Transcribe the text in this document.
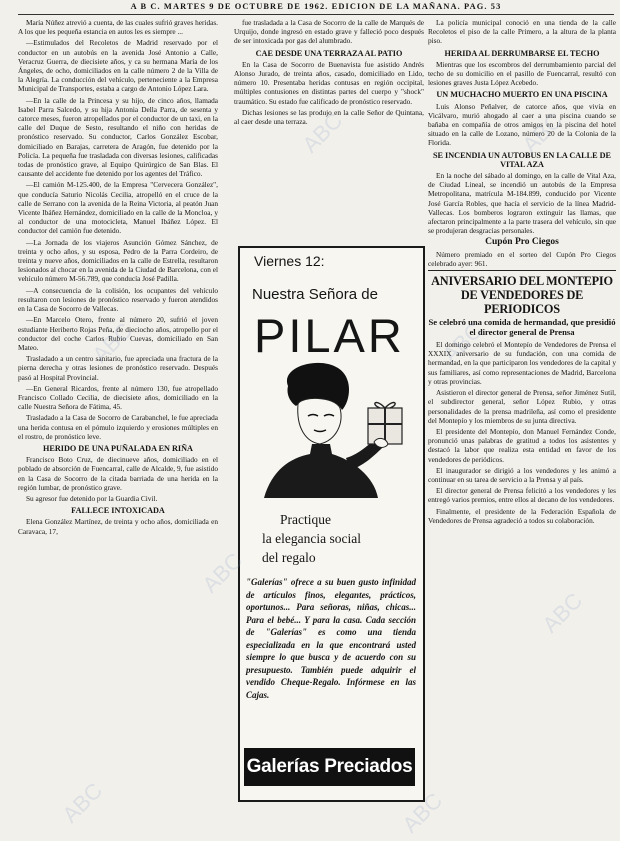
A B C. MARTES 9 DE OCTUBRE DE 1962. EDICION DE LA MAÑANA. PAG. 53

María Núñez atrevió a cuenta, de las cuales sufrió graves heridas. A los que les pequeña estancia en autos les es siempre ...

—Estimulados del Recoletos de Madrid reservado por el conductor en un autobús en la avenida José Antonio a Calle, Veracruz Guerra, de diecisiete años, y ca su hermana María de los Ángeles, de ocho, domiciliados en la calle número 2 de la Villa de la Alegría. La conducción del vehículo, perteneciente a la Empresa Municipal de Transportes, estaba a cargo de Antonio López Lara.

—En la calle de la Princesa y su hijo, de cinco años, llamada Isabel Parra Salcedo, y su hija Antonia Della Parra, de sesenta y catorce meses, fueron atropellados por el conductor de un taxi, en la calle del Duque de Sesto, resultando el niño con heridas de pronóstico reservado. Su conductor, Carlos González Escobar, domiciliado en Barajas, carretera de Aragón, fue detenido por la Policía. La pequeña fue trasladada con diversas lesiones, calificadas todas de pronóstico grave, al Equipo Quirúrgico de San Blas. El causante del accidente fue detenido por los agentes del Tráfico.

—El camión M-125.400, de la Empresa "Cervecera González", que conducía Saturio Nicolás Cecilia, atropelló en el cruce de la calle de Serrano con la avenida de la Reina Victoria, al peatón Juan Vicente Ibáñez Hernández, domiciliado en la calle de la Moncloa, y al conductor de una motocicleta, Manuel Ibáñez López. El conductor del camión fue detenido.

—La Jornada de los viajeros Asunción Gómez Sánchez, de treinta y ocho años, y su esposa, Pedro de la Parra Cordeiro, de treinta y nueve años, domiciliados en la calle de Estrella, resultaron lesionados al chocar en la avenida de la Ciudad de Barcelona, con el vehículo número M-56.789, que conducía José Padilla.

—A consecuencia de la colisión, los ocupantes del vehículo resultaron con lesiones de pronóstico reservado y fueron atendidos en la Casa de Socorro de Vallecas.

—En Marcelo Otero, frente al número 20, sufrió el joven estudiante Heriberto Rojas Peña, de dieciocho años, atropello por el conductor del coche Carlos Rubio Cuevas, domiciliado en San Mateo.

Trasladado a un centro sanitario, fue apreciada una fractura de la pierna derecha y otras lesiones de pronóstico reservado. Después pasó al Hospital Provincial.

—En General Ricardos, frente al número 130, fue atropellado Francisco Collado Cecilia, de diecisiete años, domiciliado en la calle Nuestra Señora de Fátima, 45.

Trasladado a la Casa de Socorro de Carabanchel, le fue apreciada una herida contusa en el pómulo izquierdo y erosiones múltiples en el rostro, de pronóstico leve.

HERIDO DE UNA PUÑALADA EN RIÑA

Francisco Boto Cruz, de diecinueve años, domiciliado en el poblado de absorción de Fuencarral, calle de Alcalde, 9, fue asistido en la Casa de Socorro de la citada barriada de una herida en la región lumbar, de pronóstico grave.

Su agresor fue detenido por la Guardia Civil.

FALLECE INTOXICADA

Elena González Martínez, de treinta y ocho años, domiciliada en Caravaca, 17,

fue trasladada a la Casa de Socorro de la calle de Marqués de Urquijo, donde ingresó en estado grave y falleció poco después de ser intoxicada por gas del alumbrado.

CAE DESDE UNA TERRAZA AL PATIO

En la Casa de Socorro de Buenavista fue asistido Andrés Alonso Jurado, de treinta años, casado, domiciliado en Lido, número 10. Presentaba heridas contusas en región occipital, múltiples contusiones en distintas partes del cuerpo y "shock" traumático. Su estado fue calificado de pronóstico reservado.

Dichas lesiones se las produjo en la calle Señor de Quintana, al caer desde una terraza.

Viernes 12:
Nuestra Señora de
PILAR
Practique
la elegancia social
del regalo
"Galerías" ofrece a su buen gusto infinidad de artículos finos, elegantes, prácticos, oportunos... Para señoras, niñas, chicas... Para el bebé... Y para la casa. Cada sección de "Galerías" es como una tienda especializada en la que encontrará usted siempre lo que busca y de acuerdo con su presupuesto. También puede adquirir el vendido Cheque-Regalo. Infórmese en las Cajas.
Galerías Preciados

La policía municipal conoció en una tienda de la calle Recoletos el piso de la calle Primero, a la altura de la planta piso.

HERIDA AL DERRUMBARSE EL TECHO

Mientras que los escombros del derrumbamiento parcial del techo de su domicilio en el pasillo de Fuencarral, resultó con lesiones graves Justa López Acebedo.

UN MUCHACHO MUERTO EN UNA PISCINA

Luis Alonso Peñalver, de catorce años, que vivía en Vicálvaro, murió ahogado al caer a una piscina cuando se bañaba en compañía de otros amigos en la piscina del hotel situado en la calle de Lozano, número 20 de la Colonia de la Florida.

SE INCENDIA UN AUTOBUS EN LA CALLE DE VITAL AZA

En la noche del sábado al domingo, en la calle de Vital Aza, de Ciudad Lineal, se incendió un autobús de la Empresa Metropolitana, matrícula M-184.899, conducido por Vicente José García Robles, que hacía el servicio de la línea Madrid-Vallecas. Los bomberos lograron extinguir las llamas, que afectaron principalmente a la parte trasera del vehículo, sin que se produjeran desgracias personales.

Cupón Pro Ciegos

Número premiado en el sorteo del Cupón Pro Ciegos celebrado ayer: 961.

ANIVERSARIO DEL MONTEPIO DE VENDEDORES DE PERIODICOS
Se celebró una comida de hermandad, que presidió el director general de Prensa

El domingo celebró el Montepío de Vendedores de Prensa el XXXIX aniversario de su fundación, con una comida de hermandad, en la que participaron los vendedores de la capital y sus familiares, así como representaciones de Madrid, Barcelona y otras provincias.

Asistieron el director general de Prensa, señor Jiménez Sutil, el subdirector general, señor López Rubio, y otras personalidades de la prensa madrileña, así como el presidente del Montepío y los miembros de su junta directiva.

El presidente del Montepío, don Manuel Fernández Conde, pronunció unas palabras de gratitud a todos los asistentes y destacó la labor que realiza esta entidad en favor de los vendedores de periódicos.

El inaugurador se dirigió a los vendedores y les animó a continuar en su tarea de servicio a la Prensa y al país.

El director general de Prensa felicitó a los vendedores y les entregó varios premios, entre ellos al decano de los vendedores.

Finalmente, el presidente de la Federación Española de Vendedores de Prensa agradeció a todos su colaboración.

ABC	ABC
ABC	ABC
ABC
ABC
ABC	ABC
